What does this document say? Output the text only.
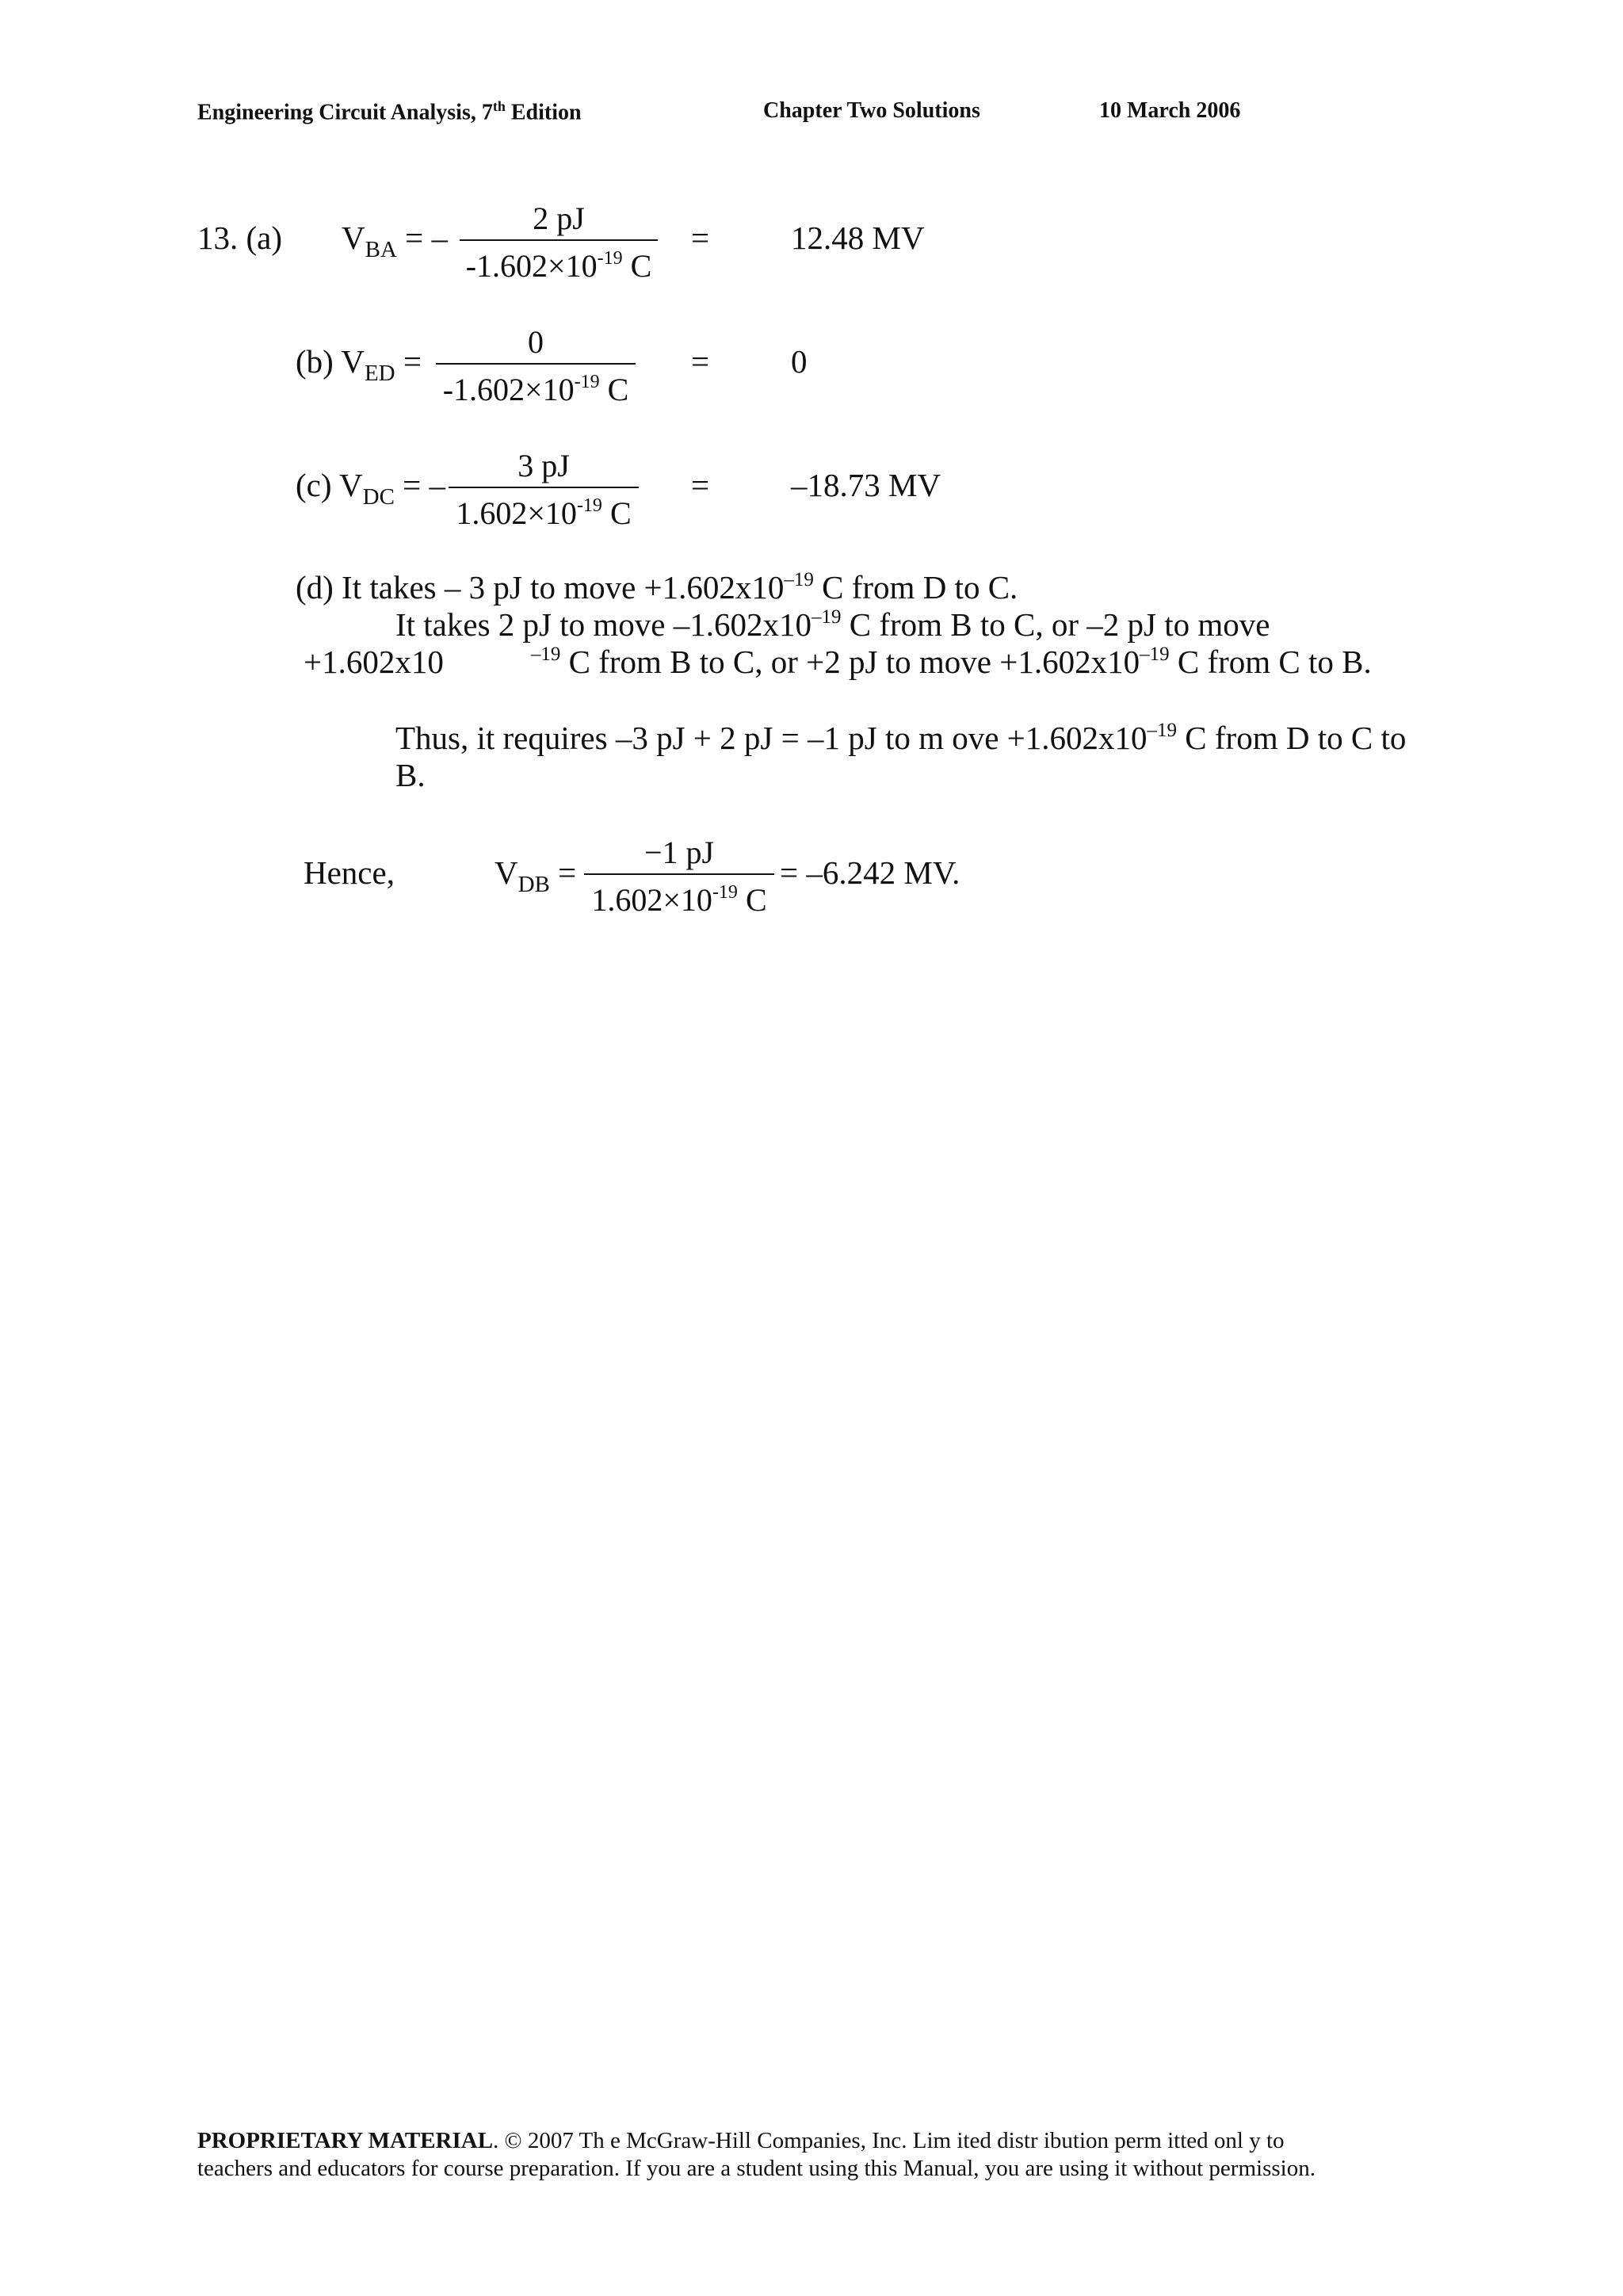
Engineering Circuit Analysis, 7th Edition	Chapter Two Solutions	10 March 2006
13. (a) $V_{BA}$ = –
2 pJ
$-1.602\times 10^{-19}$ C
=	12.48 MV
(b) $V_{ED}$ =
0
$-1.602\times 10^{-19}$ C
=	0
(c) $V_{DC}$ = –
3 pJ
$1.602\times 10^{-19}$ C
=	–18.73 MV
(d) It takes – 3 pJ to move $+1.602x10^{-19}$ C from D to C.
It takes 2 pJ to move $-1.602x10^{-19}$ C from B to C, or –2 pJ to move
+1.602x10	$^{-19}$ C from B to C, or +2 pJ to move $+1.602x10^{-19}$ C from C to B.
Thus, it requires –3 pJ + 2 pJ = –1 pJ to m ove $+1.602x10^{-19}$ C from D to C to
B.
Hence,	$V_{DB}$ =
−1 pJ
$1.602\times 10^{-19}$ C
= –6.242 MV.
PROPRIETARY MATERIAL. © 2007 Th e McGraw-Hill Companies, Inc. Lim ited distr ibution perm itted onl y to
teachers and educators for course preparation. If you are a student using this Manual, you are using it without permission.
